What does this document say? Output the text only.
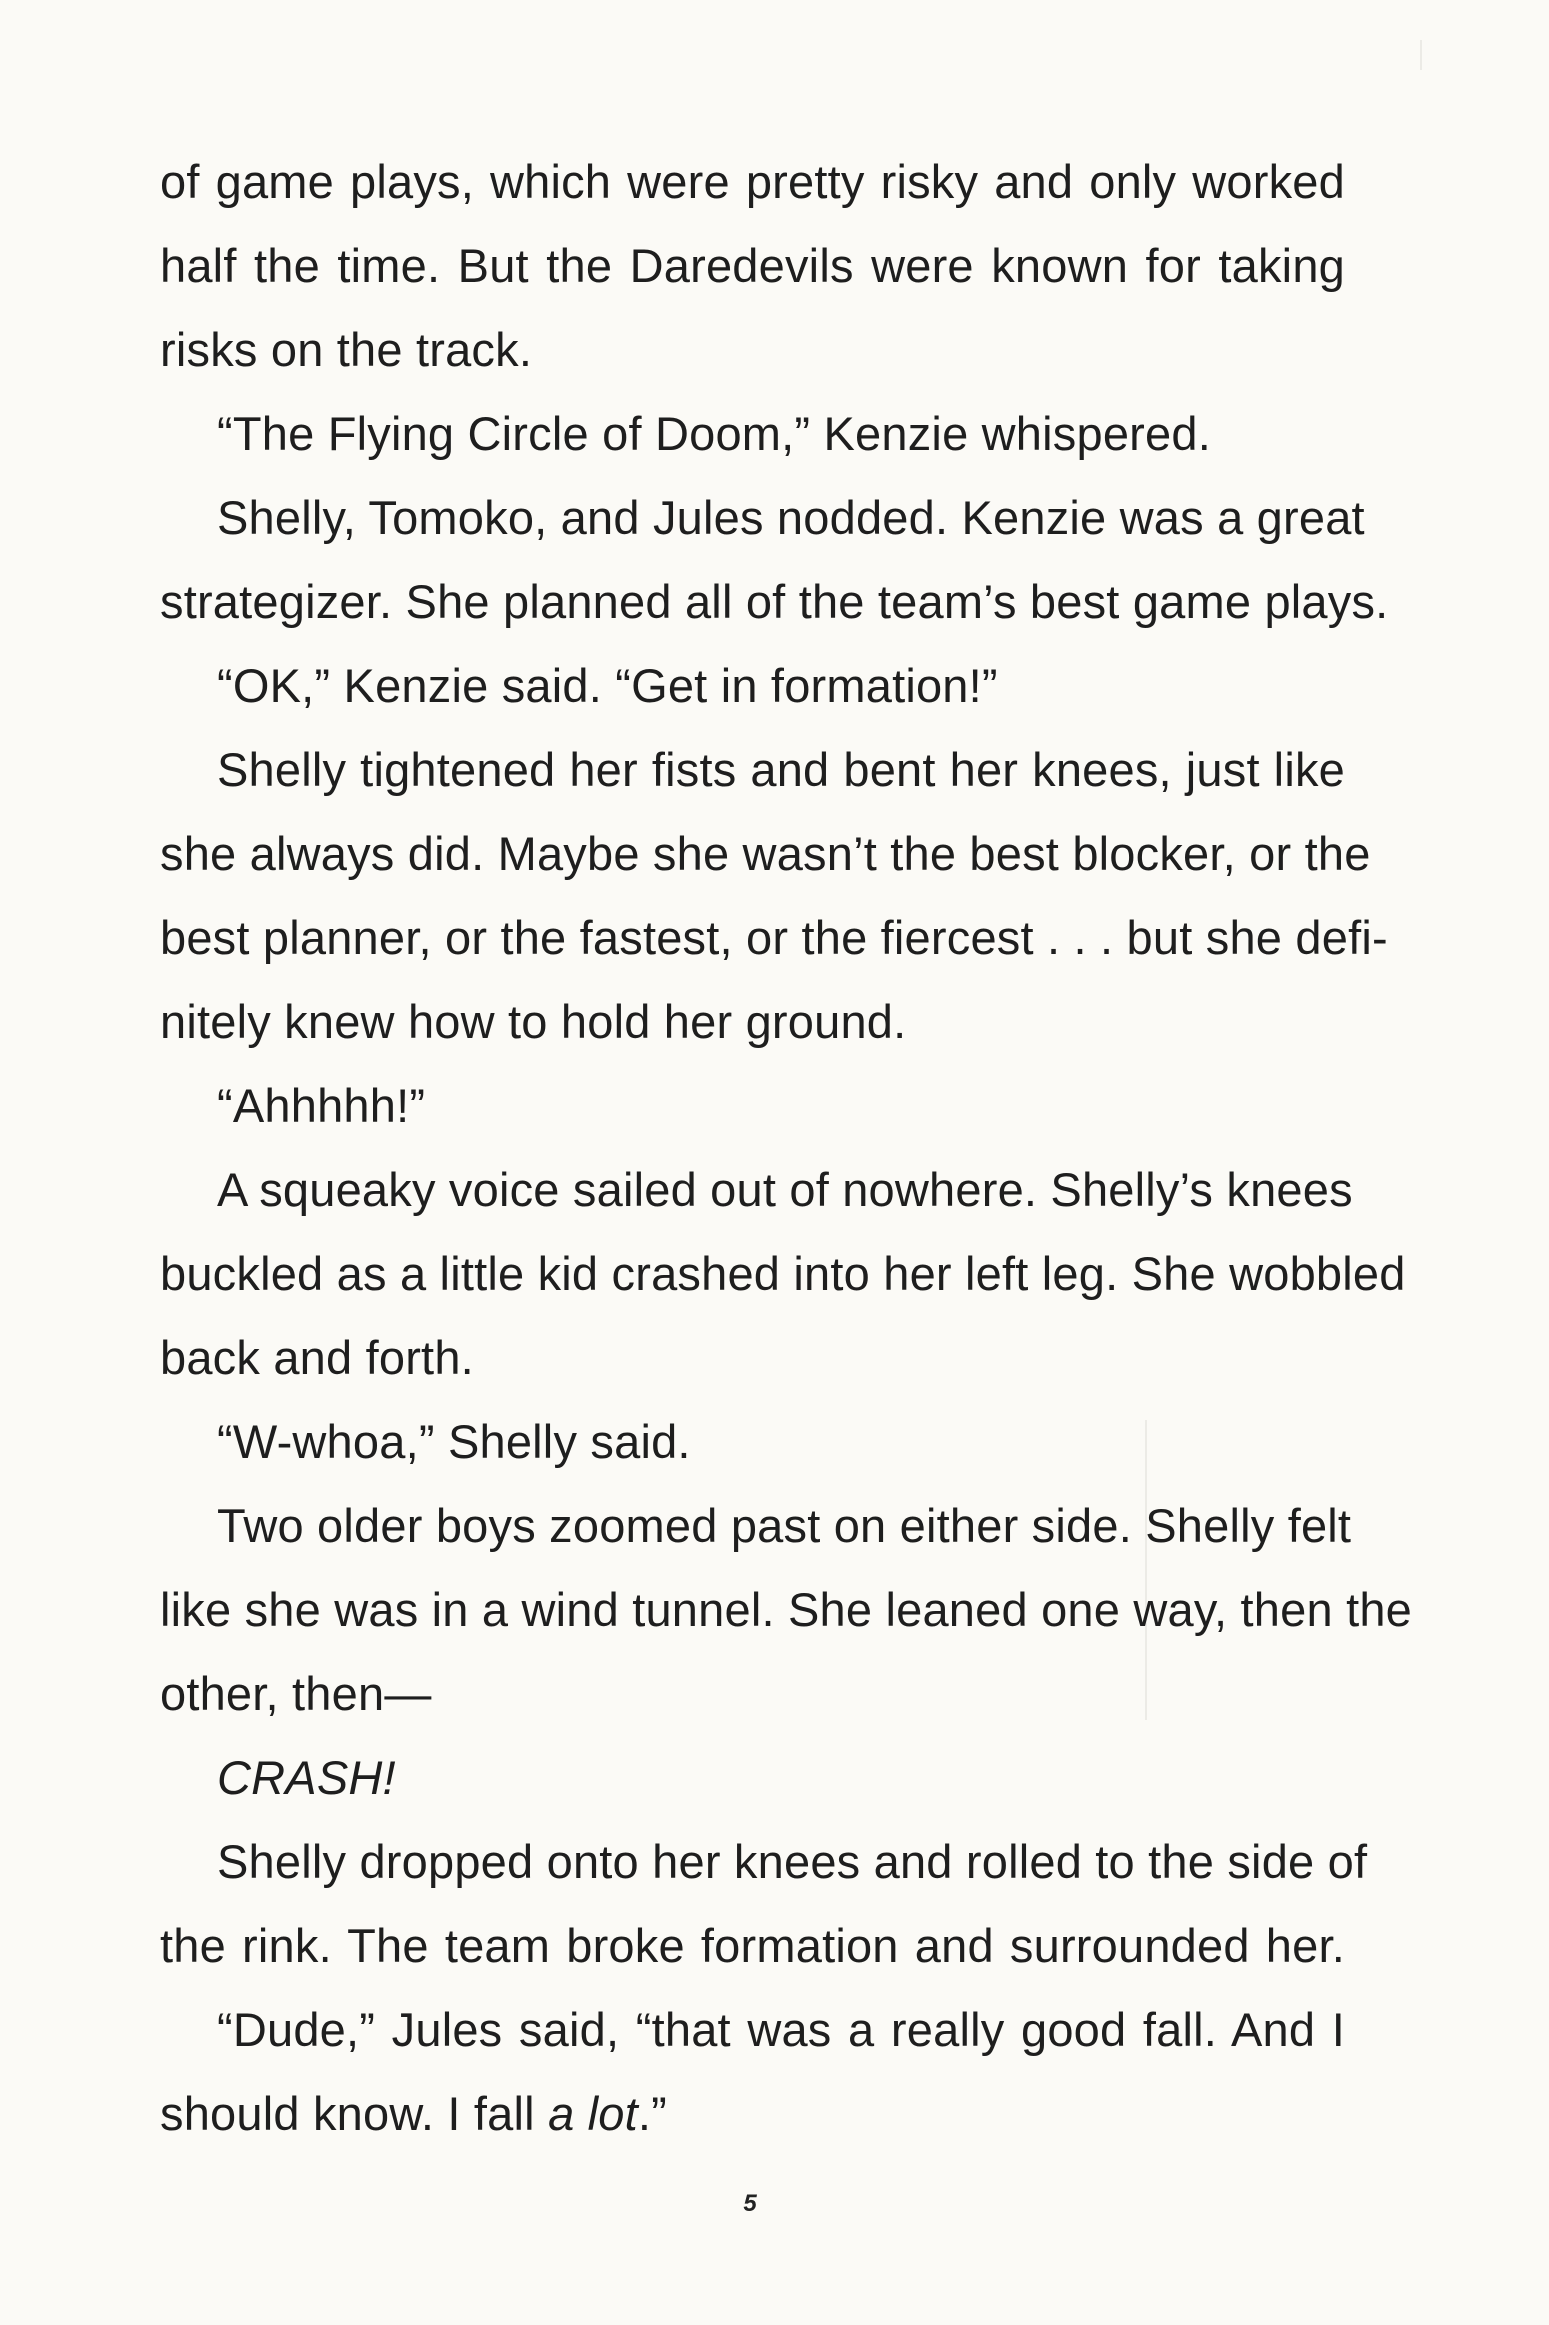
of game plays, which were pretty risky and only worked
half the time. But the Daredevils were known for taking
risks on the track.
“The Flying Circle of Doom,” Kenzie whispered.
Shelly, Tomoko, and Jules nodded. Kenzie was a great
strategizer. She planned all of the team’s best game plays.
“OK,” Kenzie said. “Get in formation!”
Shelly tightened her fists and bent her knees, just like
she always did. Maybe she wasn’t the best blocker, or the
best planner, or the fastest, or the fiercest . . . but she defi-
nitely knew how to hold her ground.
“Ahhhhh!”
A squeaky voice sailed out of nowhere. Shelly’s knees
buckled as a little kid crashed into her left leg. She wobbled
back and forth.
“W-whoa,” Shelly said.
Two older boys zoomed past on either side. Shelly felt
like she was in a wind tunnel. She leaned one way, then the
other, then—
CRASH!
Shelly dropped onto her knees and rolled to the side of
the rink. The team broke formation and surrounded her.
“Dude,” Jules said, “that was a really good fall. And I
should know. I fall a lot.”
5
